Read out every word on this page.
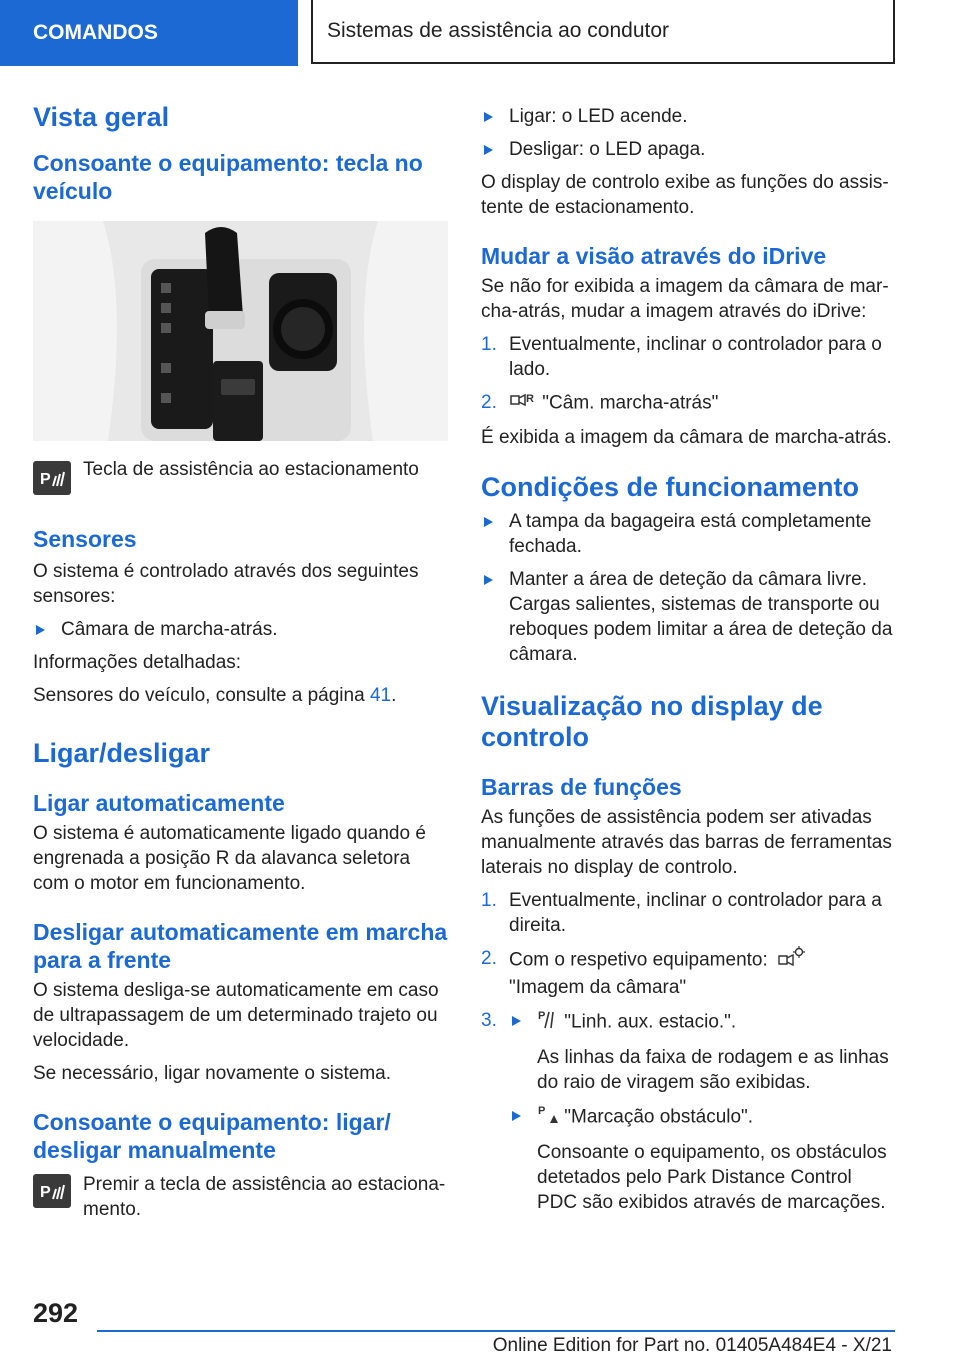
COMANDOS	Sistemas de assistência ao condutor
Vista geral
Consoante o equipamento: tecla no veículo
P Tecla de assistência ao estacionamento

Sensores

O sistema é controlado através dos seguintes sensores:

Câmara de marcha-atrás.

Informações detalhadas:

Sensores do veículo, consulte a página 41.

Ligar/desligar
Ligar automaticamente

O sistema é automaticamente ligado quando é engrenada a posição R da alavanca seletora com o motor em funcionamento.

Desligar automaticamente em marcha para a frente

O sistema desliga-se automaticamente em caso de ultrapassagem de um determinado trajeto ou velocidade.

Se necessário, ligar novamente o sistema.

Consoante o equipamento: ligar/ desligar manualmente
P Premir a tecla de assistência ao estaciona‐ mento.

Ligar: o LED acende.
Desligar: o LED apaga.

O display de controlo exibe as funções do assis‐ tente de estacionamento.

Mudar a visão através do iDrive

Se não for exibida a imagem da câmara de mar‐ cha-atrás, mudar a imagem através do iDrive:

1. Eventualmente, inclinar o controlador para o lado.
2.	R "Câm. marcha-atrás"

É exibida a imagem da câmara de marcha-atrás.

Condições de funcionamento
A tampa da bagageira está completamente fechada.
Manter a área de deteção da câmara livre. Cargas salientes, sistemas de transporte ou reboques podem limitar a área de deteção da câmara.
Visualização no display de controlo
Barras de funções

As funções de assistência podem ser ativadas manualmente através das barras de ferramentas laterais no display de controlo.

1. Eventualmente, inclinar o controlador para a direita.
2. Com o respetivo equipamento:
"Imagem da câmara"
3.	P "Linh. aux. estacio.".

As linhas da faixa de rodagem e as linhas do raio de viragem são exibidas.

P "Marcação obstáculo".

Consoante o equipamento, os obstáculos detetados pelo Park Distance Control PDC são exibidos através de marcações.

292
Online Edition for Part no. 01405A484E4 - X/21
